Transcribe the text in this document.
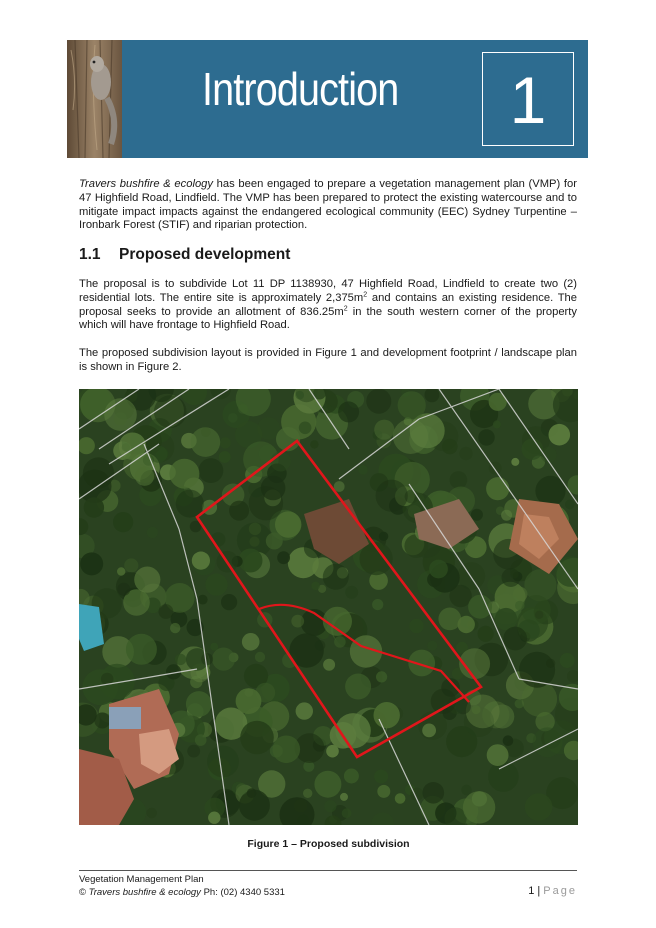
Introduction	1

Travers bushfire & ecology has been engaged to prepare a vegetation management plan (VMP) for 47 Highfield Road, Lindfield. The VMP has been prepared to protect the existing watercourse and to mitigate impact impacts against the endangered ecological community (EEC) Sydney Turpentine – Ironbark Forest (STIF) and riparian protection.

1.1 Proposed development

The proposal is to subdivide Lot 11 DP 1138930, 47 Highfield Road, Lindfield to create two (2) residential lots. The entire site is approximately $2,375m^2$ and contains an existing residence. The proposal seeks to provide an allotment of $836.25m^2$ in the south western corner of the property which will have frontage to Highfield Road.

The proposed subdivision layout is provided in Figure 1 and development footprint / landscape plan is shown in Figure 2.

Figure 1 – Proposed subdivision
Vegetation Management Plan
© Travers bushfire & ecology Ph: (02) 4340 5331	1 | Page
